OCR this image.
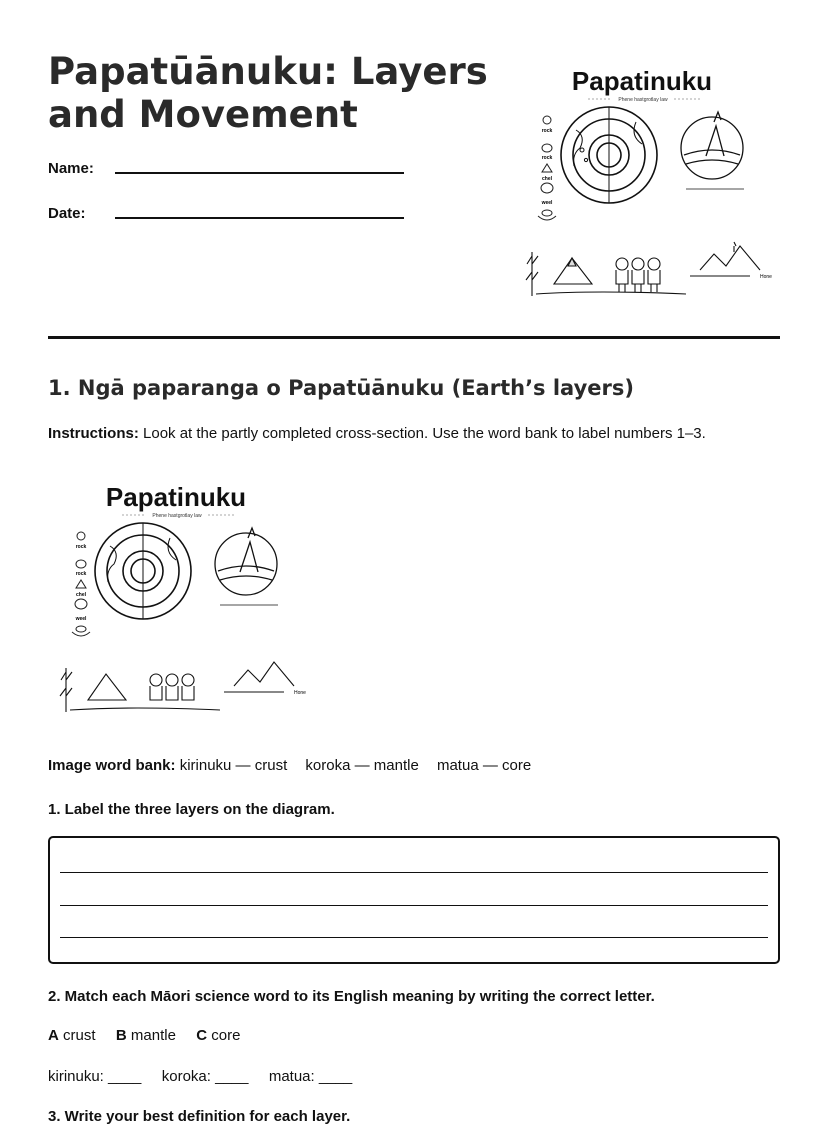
Papatūānuku: Layers and Movement
Name:
Date:
Papatinuku
Phene hastgrotlay law
rock
rock
chel
weel
Hone
1. Ngā paparanga o Papatūānuku (Earth’s layers)
Instructions: Look at the partly completed cross-section. Use the word bank to label numbers 1–3.
Papatinuku
Phene hastgrotlay law
rock
rock
chel
weel
Hone
Image word bank: kirinuku — crust koroka — mantle matua — core
1. Label the three layers on the diagram.
2. Match each Māori science word to its English meaning by writing the correct letter.
A crust B mantle C core
kirinuku: ____ koroka: ____ matua: ____
3. Write your best definition for each layer.
